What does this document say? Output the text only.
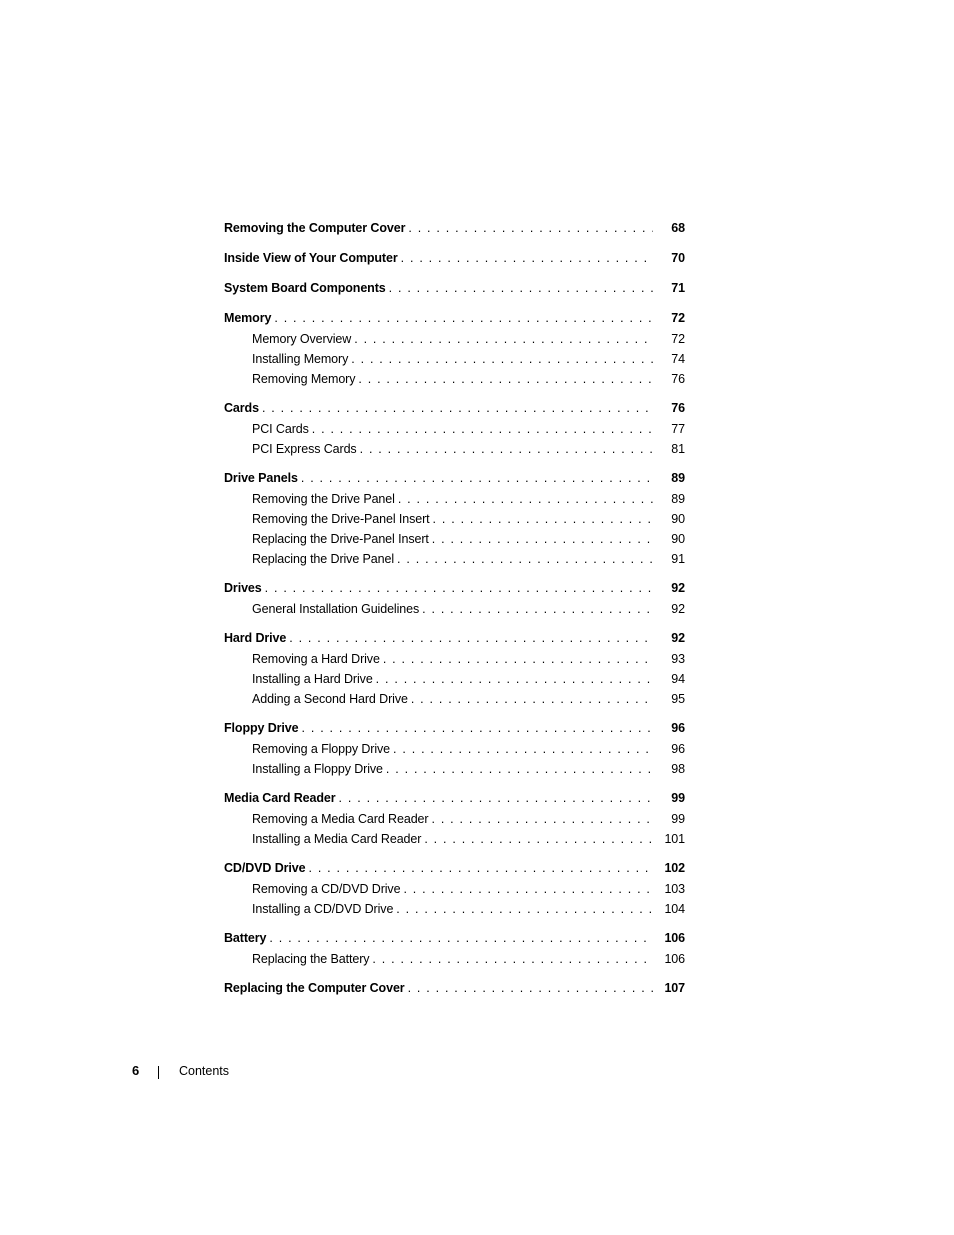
Removing the Computer Cover . . .	68
Inside View of Your Computer . . .	70
System Board Components . . .	71
Memory . . .	72
Memory Overview . . .	72
Installing Memory . . .	74
Removing Memory . . .	76
Cards . . .	76
PCI Cards . . .	77
PCI Express Cards . . .	81
Drive Panels . . .	89
Removing the Drive Panel . . .	89
Removing the Drive-Panel Insert . . .	90
Replacing the Drive-Panel Insert . . .	90
Replacing the Drive Panel . . .	91
Drives . . .	92
General Installation Guidelines . . .	92
Hard Drive . . .	92
Removing a Hard Drive . . .	93
Installing a Hard Drive . . .	94
Adding a Second Hard Drive . . .	95
Floppy Drive . . .	96
Removing a Floppy Drive . . .	96
Installing a Floppy Drive . . .	98
Media Card Reader . . .	99
Removing a Media Card Reader . . .	99
Installing a Media Card Reader . . .	101
CD/DVD Drive . . .	102
Removing a CD/DVD Drive . . .	103
Installing a CD/DVD Drive . . .	104
Battery . . .	106
Replacing the Battery . . .	106
Replacing the Computer Cover . . .	107
6	Contents
